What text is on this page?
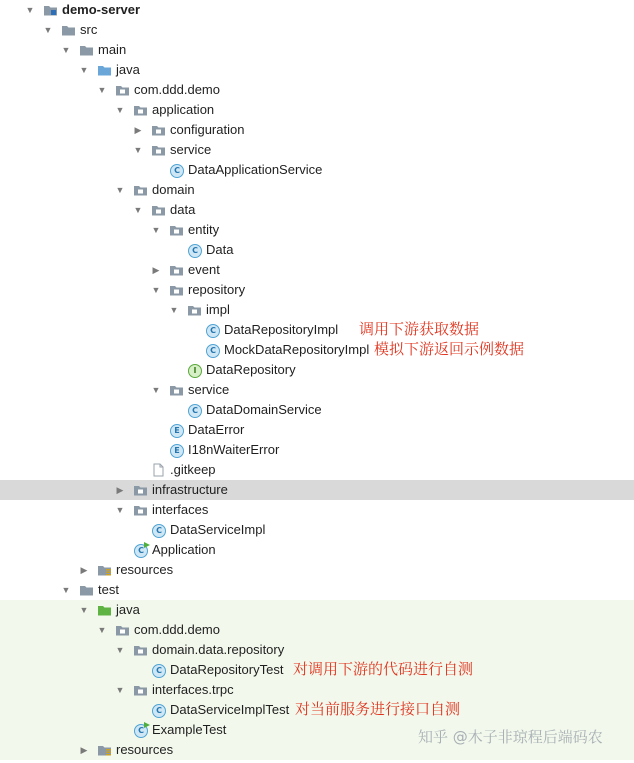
▼ demo-server
▼ src
▼ main
▼ java
▼ com.ddd.demo
▼ application
▶ configuration
▼ service
C DataApplicationService
▼ domain
▼ data
▼ entity
C Data
▶ event
▼ repository
▼ impl
C DataRepositoryImpl 调用下游获取数据
C MockDataRepositoryImpl 模拟下游返回示例数据
I DataRepository
▼ service
C DataDomainService
E DataError
E I18nWaiterError
.gitkeep
▶ infrastructure
▼ interfaces
C DataServiceImpl
C Application
▶ resources
▼ test
▼ java
▼ com.ddd.demo
▼ domain.data.repository
C DataRepositoryTest 对调用下游的代码进行自测
▼ interfaces.trpc
C DataServiceImplTest 对当前服务进行接口自测
C ExampleTest
▶ resources
知乎 @木子非琼程后端码农
